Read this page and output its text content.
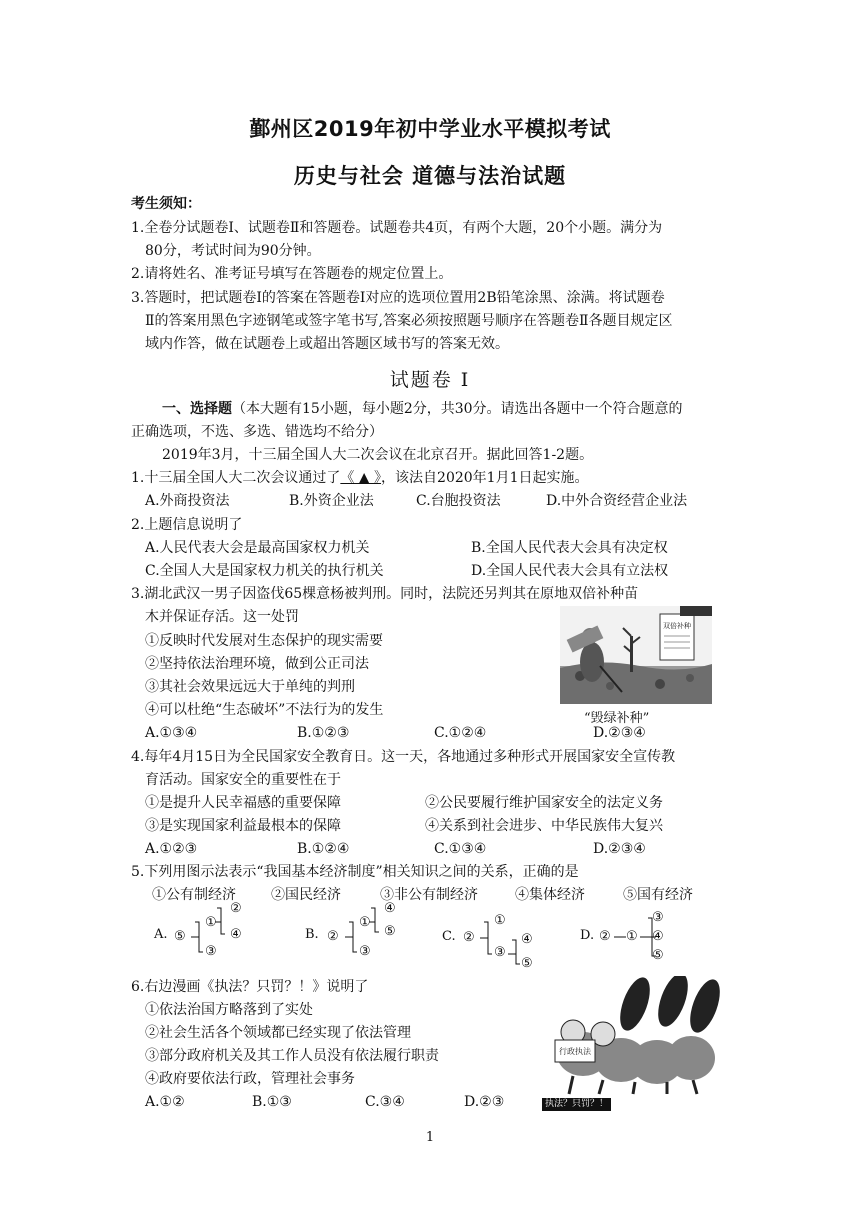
鄞州区2019年初中学业水平模拟考试
历史与社会 道德与法治试题
考生须知：
1.全卷分试题卷Ⅰ、试题卷Ⅱ和答题卷。试题卷共4页，有两个大题，20个小题。满分为
80分，考试时间为90分钟。
2.请将姓名、准考证号填写在答题卷的规定位置上。
3.答题时，把试题卷Ⅰ的答案在答题卷Ⅰ对应的选项位置用2B铅笔涂黑、涂满。将试题卷
Ⅱ的答案用黑色字迹钢笔或签字笔书写,答案必须按照题号顺序在答题卷Ⅱ各题目规定区
域内作答，做在试题卷上或超出答题区域书写的答案无效。
试题卷 Ⅰ
一、选择题（本大题有15小题，每小题2分，共30分。请选出各题中一个符合题意的
正确选项，不选、多选、错选均不给分）
2019年3月，十三届全国人大二次会议在北京召开。据此回答1-2题。
1.十三届全国人大二次会议通过了《 ▲ 》，该法自2020年1月1日起实施。
A.外商投资法	B.外资企业法	C.台胞投资法	D.中外合资经营企业法
2.上题信息说明了
A.人民代表大会是最高国家权力机关	B.全国人民代表大会具有决定权
C.全国人大是国家权力机关的执行机关	D.全国人民代表大会具有立法权
3.湖北武汉一男子因盗伐65棵意杨被判刑。同时，法院还另判其在原地双倍补种苗
木并保证存活。这一处罚
①反映时代发展对生态保护的现实需要
②坚持依法治理环境，做到公正司法
③其社会效果远远大于单纯的判刑
④可以杜绝“生态破坏”不法行为的发生
A.①③④	B.①②③	C.①②④	D.②③④
双倍补种
“毁绿补种”
4.每年4月15日为全民国家安全教育日。这一天，各地通过多种形式开展国家安全宣传教
育活动。国家安全的重要性在于
①是提升人民幸福感的重要保障	②公民要履行维护国家安全的法定义务
③是实现国家利益最根本的保障	④关系到社会进步、中华民族伟大复兴
A.①②③	B.①②④	C.①③④	D.②③④
5.下列用图示法表示“我国基本经济制度”相关知识之间的关系，正确的是
①公有制经济	②国民经济	③非公有制经济	④集体经济	⑤国有经济
A. ⑤
①
②
④
③
B. ②
①
④
⑤
③
C. ②
①
③
④
⑤
D. ② ①
③
④
⑤
6.右边漫画《执法？只罚？！》说明了
①依法治国方略落到了实处
②社会生活各个领域都已经实现了依法管理
③部分政府机关及其工作人员没有依法履行职责
④政府要依法行政，管理社会事务
A.①②	B.①③	C.③④	D.②③
行政执法
执法？只罚？！
1
